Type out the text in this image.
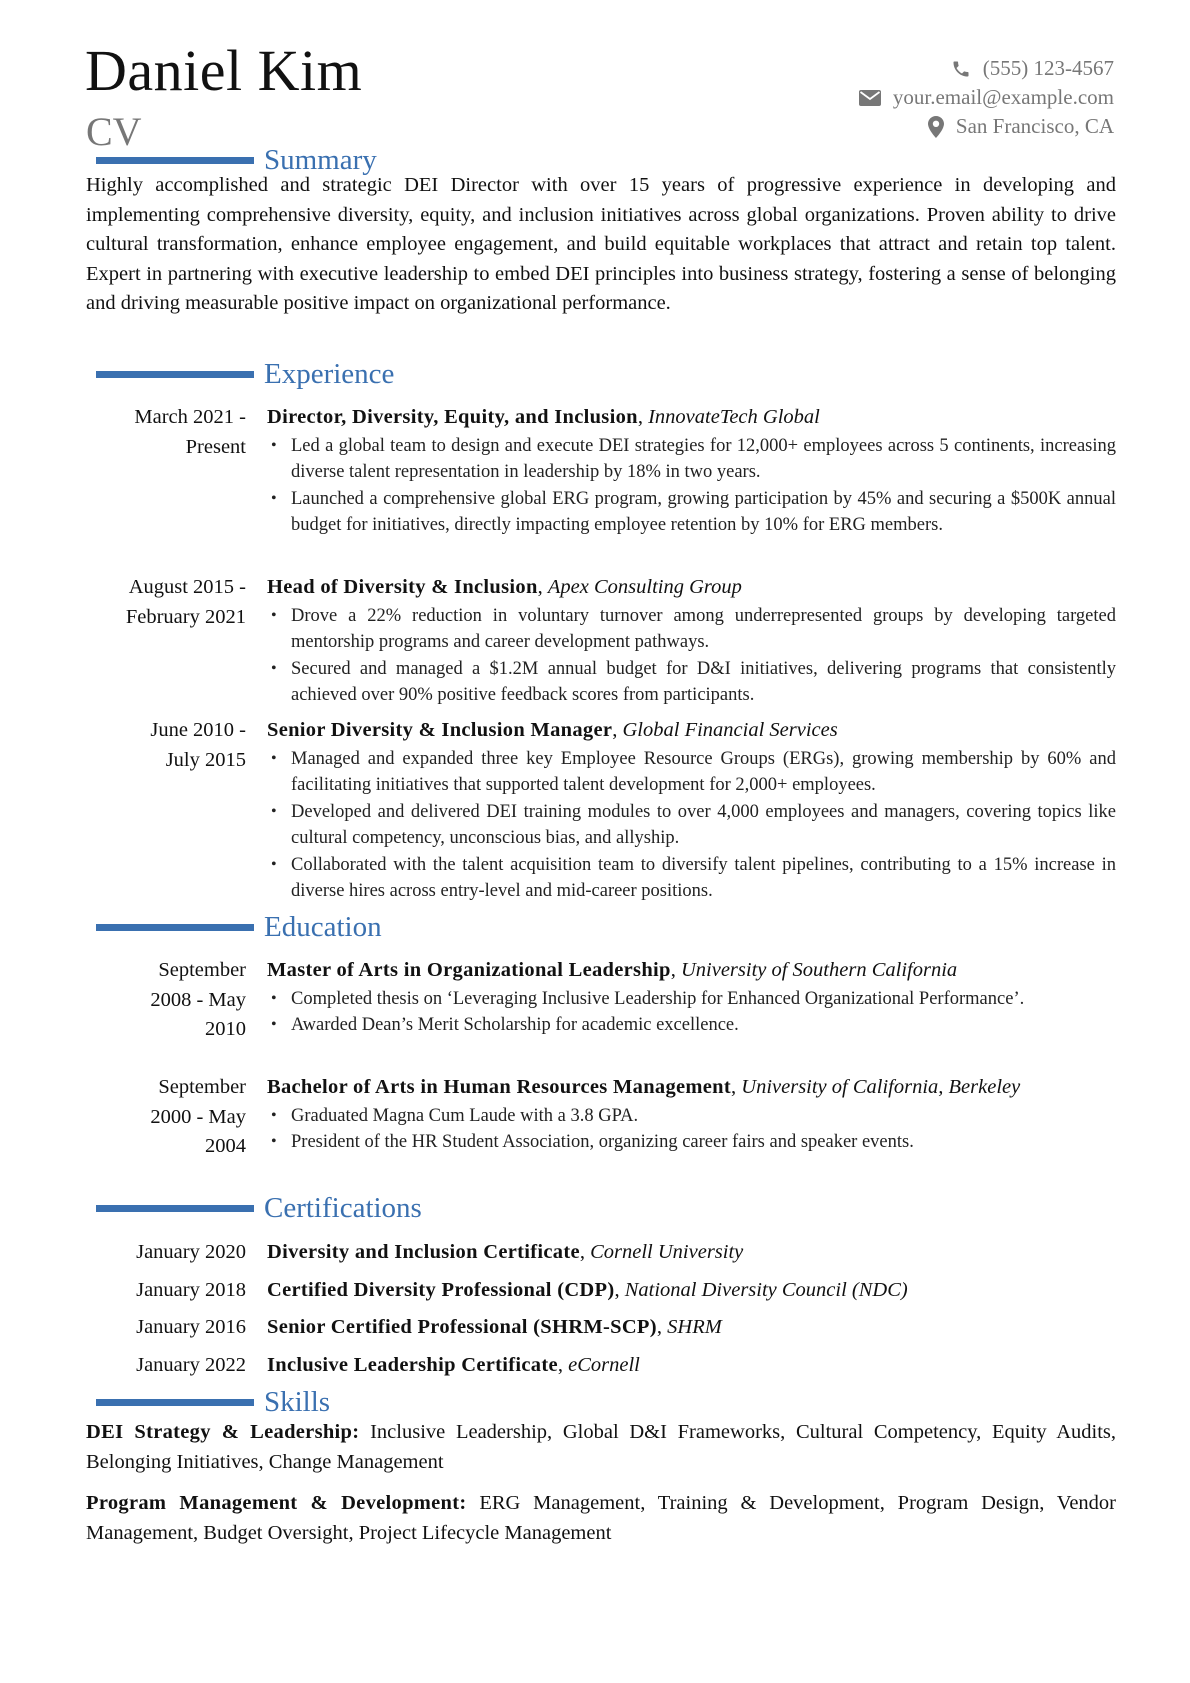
Daniel Kim
CV
(555) 123-4567
your.email@example.com
San Francisco, CA
Summary
Highly accomplished and strategic DEI Director with over 15 years of progressive experience in developing and implementing comprehensive diversity, equity, and inclusion initiatives across global organizations. Proven ability to drive cultural transformation, enhance employee engagement, and build equitable workplaces that attract and retain top talent. Expert in partnering with executive leadership to embed DEI principles into business strategy, fostering a sense of belonging and driving measurable positive impact on organizational performance.
Experience
March 2021 -
Present
Director, Diversity, Equity, and Inclusion, InnovateTech Global
• Led a global team to design and execute DEI strategies for 12,000+ employees across 5 continents, increasing diverse talent representation in leadership by 18% in two years.
• Launched a comprehensive global ERG program, growing participation by 45% and securing a $500K annual budget for initiatives, directly impacting employee retention by 10% for ERG members.
August 2015 -
February 2021
Head of Diversity & Inclusion, Apex Consulting Group
• Drove a 22% reduction in voluntary turnover among underrepresented groups by developing targeted mentorship programs and career development pathways.
• Secured and managed a $1.2M annual budget for D&I initiatives, delivering programs that consistently achieved over 90% positive feedback scores from participants.
June 2010 -
July 2015
Senior Diversity & Inclusion Manager, Global Financial Services
• Managed and expanded three key Employee Resource Groups (ERGs), growing membership by 60% and facilitating initiatives that supported talent development for 2,000+ employees.
• Developed and delivered DEI training modules to over 4,000 employees and managers, covering topics like cultural competency, unconscious bias, and allyship.
• Collaborated with the talent acquisition team to diversify talent pipelines, contributing to a 15% increase in diverse hires across entry-level and mid-career positions.
Education
September
2008 - May
2010
Master of Arts in Organizational Leadership, University of Southern California
• Completed thesis on ‘Leveraging Inclusive Leadership for Enhanced Organizational Performance’.
• Awarded Dean’s Merit Scholarship for academic excellence.
September
2000 - May
2004
Bachelor of Arts in Human Resources Management, University of California, Berkeley
• Graduated Magna Cum Laude with a 3.8 GPA.
• President of the HR Student Association, organizing career fairs and speaker events.
Certifications
January 2020 Diversity and Inclusion Certificate, Cornell University
January 2018 Certified Diversity Professional (CDP), National Diversity Council (NDC)
January 2016 Senior Certified Professional (SHRM-SCP), SHRM
January 2022 Inclusive Leadership Certificate, eCornell
Skills
DEI Strategy & Leadership: Inclusive Leadership, Global D&I Frameworks, Cultural Competency, Equity Audits, Belonging Initiatives, Change Management
Program Management & Development: ERG Management, Training & Development, Program Design, Vendor Management, Budget Oversight, Project Lifecycle Management
